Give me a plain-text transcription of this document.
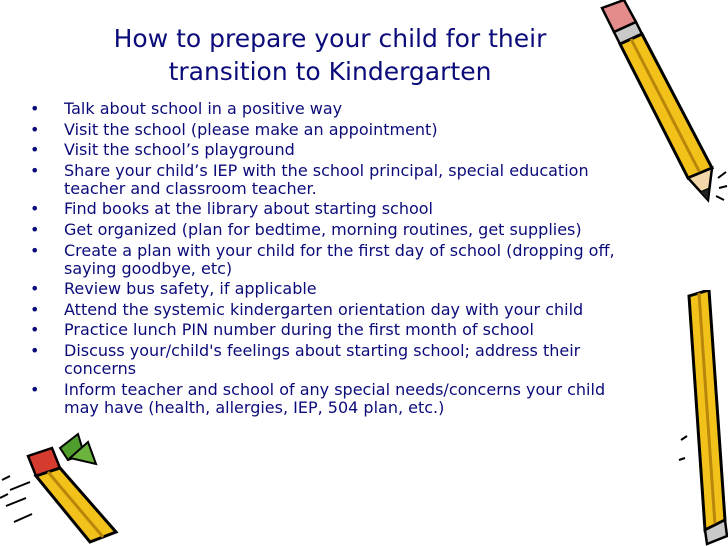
How to prepare your child for their
transition to Kindergarten
• Talk about school in a positive way
• Visit the school (please make an appointment)
• Visit the school’s playground
• Share your child’s IEP with the school principal, special education teacher and classroom teacher.
• Find books at the library about starting school
• Get organized (plan for bedtime, morning routines, get supplies)
• Create a plan with your child for the first day of school (dropping off, saying goodbye, etc)
• Review bus safety, if applicable
• Attend the systemic kindergarten orientation day with your child
• Practice lunch PIN number during the first month of school
• Discuss your/child's feelings about starting school; address their concerns
• Inform teacher and school of any special needs/concerns your child may have (health, allergies, IEP, 504 plan, etc.)
